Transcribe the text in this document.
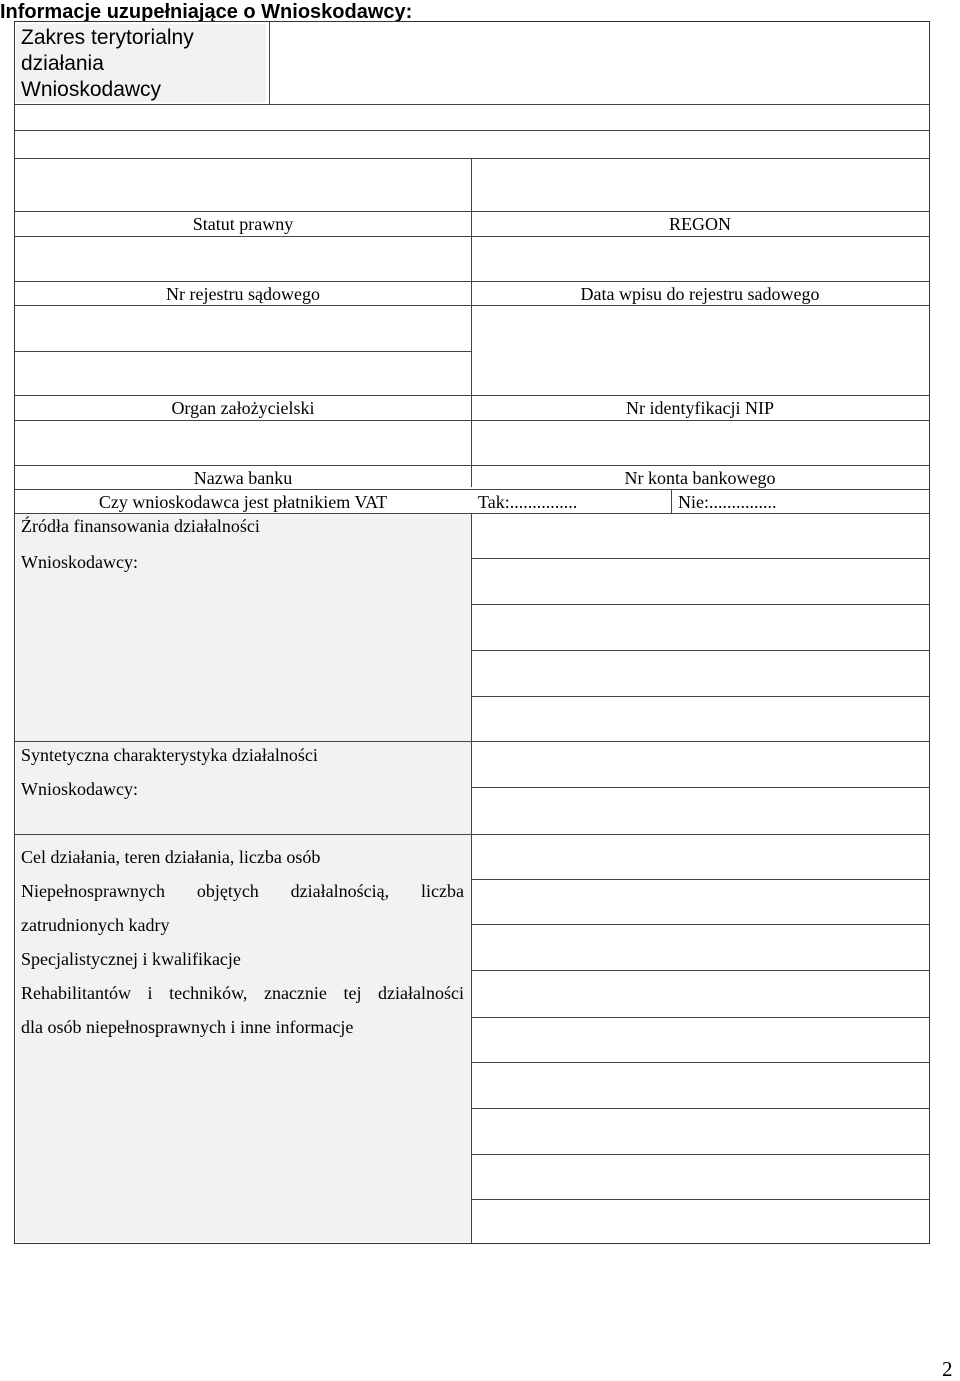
Informacje uzupełniające o Wnioskodawcy:
Zakres terytorialny
działania
Wnioskodawcy
Statut prawny	REGON
Nr rejestru sądowego	Data wpisu do rejestru sadowego
Organ założycielski	Nr identyfikacji NIP
Nazwa banku	Nr konta bankowego
Czy wnioskodawca jest płatnikiem VAT	Tak:...............	Nie:...............
Źródła finansowania działalności
Wnioskodawcy:
Syntetyczna charakterystyka działalności
Wnioskodawcy:
Cel działania, teren działania, liczba osób
Niepełnosprawnych objętych działalnością, liczba
zatrudnionych kadry
Specjalistycznej i kwalifikacje
Rehabilitantów i techników, znacznie tej działalności
dla osób niepełnosprawnych i inne informacje
2
